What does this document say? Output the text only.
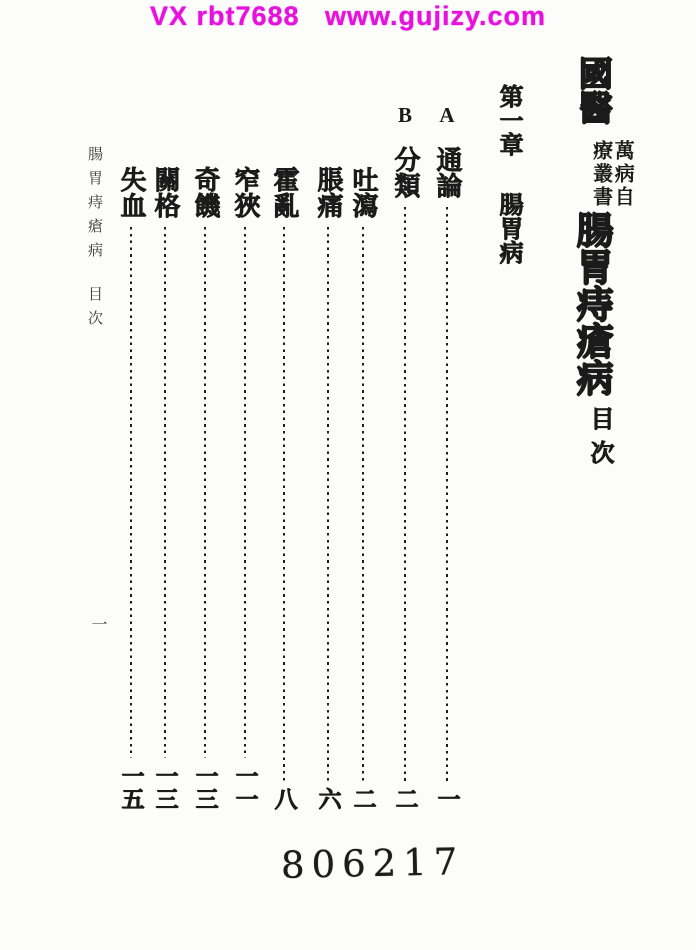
VX rbt7688   www.gujizy.com
國醫
萬病自
療叢書
腸胃痔瘡病
目次
第一章
腸胃病
A
通論
一
B
分類
二
吐瀉
二
脹痛
六
霍亂
八
窄狹
一一
奇饑
一三
關格
一三
失血
一五
腸胃痔瘡病目次
一
806217
